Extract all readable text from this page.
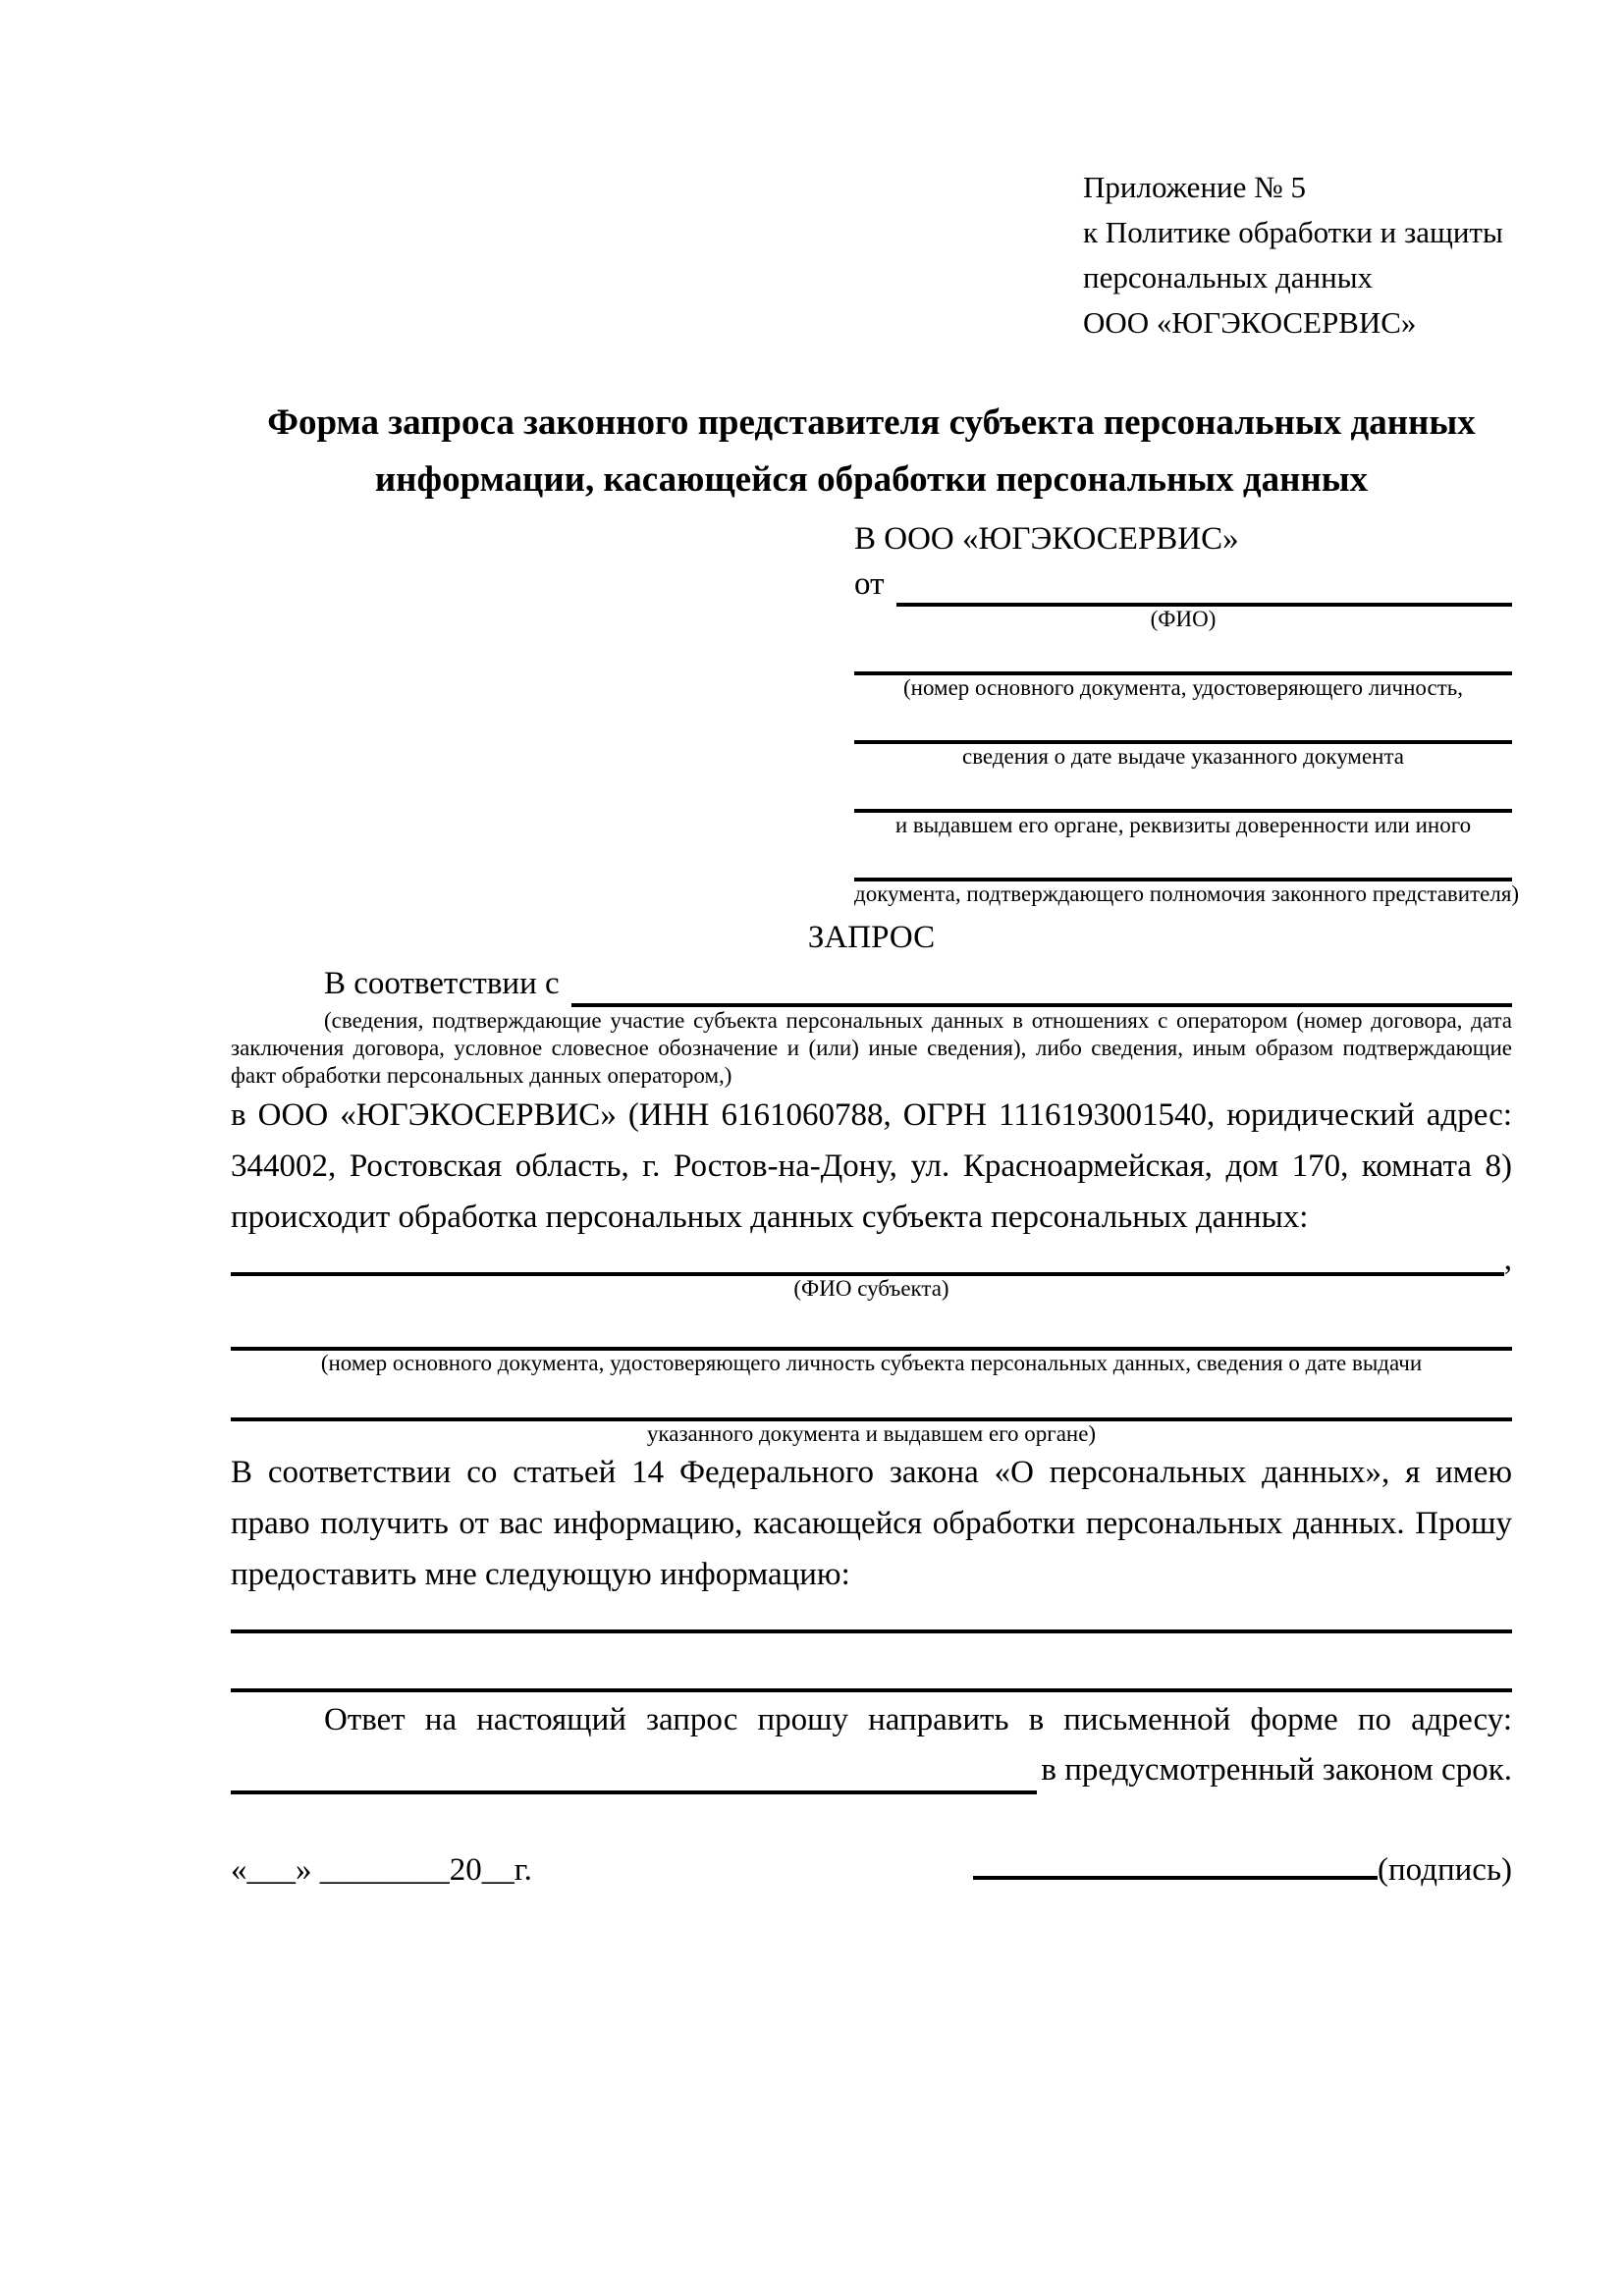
Приложение № 5
к Политике обработки и защиты
персональных данных
ООО «ЮГЭКОСЕРВИС»
Форма запроса законного представителя субъекта персональных данных
информации, касающейся обработки персональных данных
В ООО «ЮГЭКОСЕРВИС»
от
(ФИО)
(номер основного документа, удостоверяющего личность,
сведения о дате выдаче указанного документа
и выдавшем его органе, реквизиты доверенности или иного
документа, подтверждающего полномочия законного представителя)
ЗАПРОС
В соответствии с
(сведения, подтверждающие участие субъекта персональных данных в отношениях с оператором (номер договора, дата заключения договора, условное словесное обозначение и (или) иные сведения), либо сведения, иным образом подтверждающие факт обработки персональных данных оператором,)
в ООО «ЮГЭКОСЕРВИС» (ИНН 6161060788, ОГРН 1116193001540, юридический адрес: 344002, Ростовская область, г. Ростов-на-Дону, ул. Красноармейская, дом 170, комната 8) происходит обработка персональных данных субъекта персональных данных:
,
(ФИО субъекта)
(номер основного документа, удостоверяющего личность субъекта персональных данных, сведения о дате выдачи
указанного документа и выдавшем его органе)
В соответствии со статьей 14 Федерального закона «О персональных данных», я имею право получить от вас информацию, касающейся обработки персональных данных. Прошу предоставить мне следующую информацию:
Ответ на настоящий запрос прошу направить в письменной форме по адресу:
в предусмотренный законом срок.
«___» ________20__г.	(подпись)
